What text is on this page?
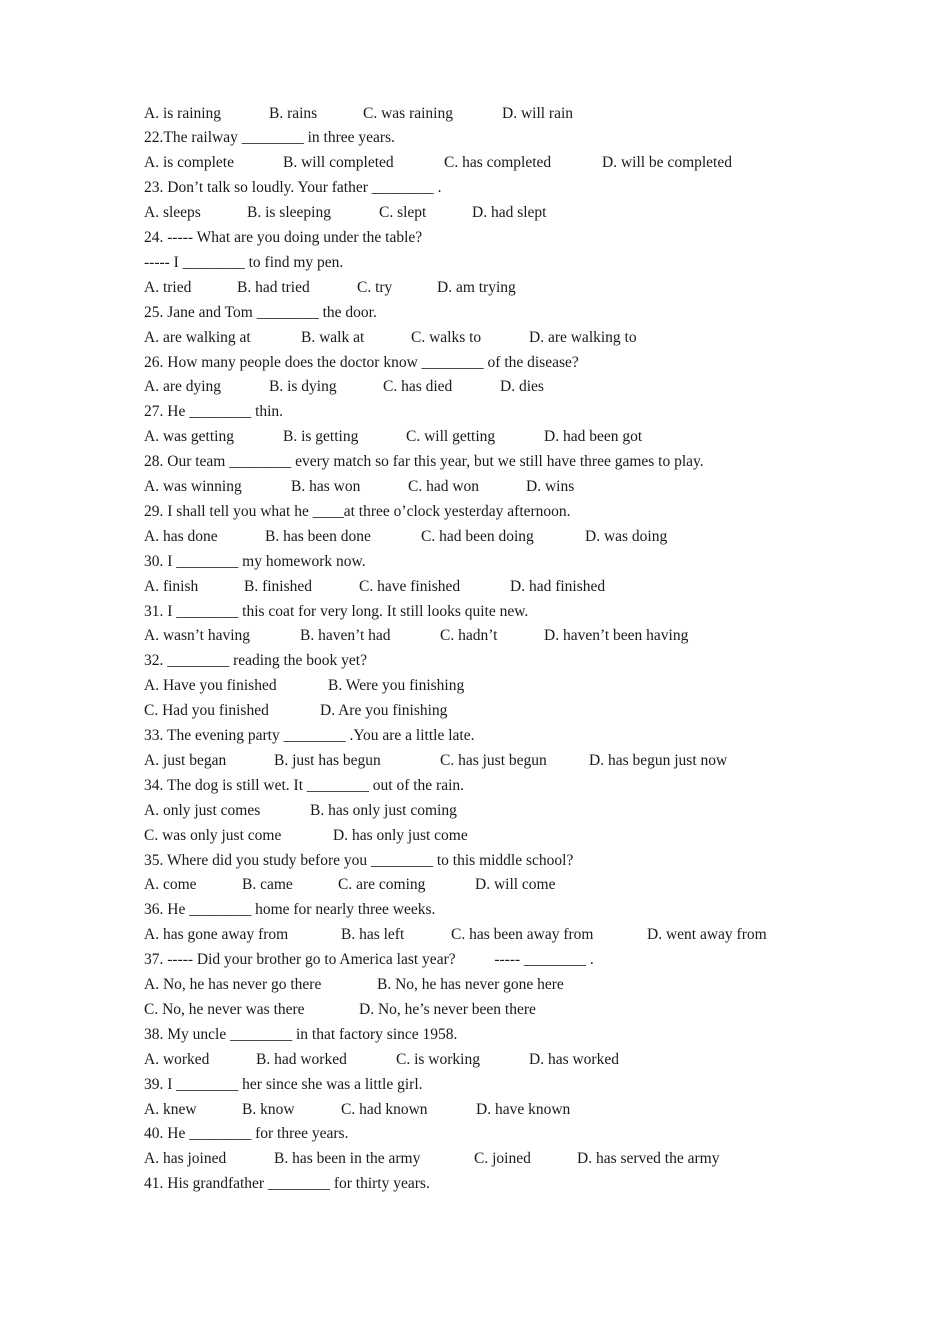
A. is raining	B. rains	C. was raining	D. will rain
22.The railway ________ in three years.
A. is complete	B. will completed	C. has completed	D. will be completed
23. Don’t talk so loudly. Your father ________ .
A. sleeps	B. is sleeping	C. slept	D. had slept
24. ----- What are you doing under the table?
----- I ________ to find my pen.
A. tried	B. had tried	C. try	D. am trying
25. Jane and Tom ________ the door.
A. are walking at	B. walk at	C. walks to	D. are walking to
26. How many people does the doctor know ________ of the disease?
A. are dying	B. is dying	C. has died	D. dies
27. He ________ thin.
A. was getting	B. is getting	C. will getting	D. had been got
28. Our team ________ every match so far this year, but we still have three games to play.
A. was winning	B. has won	C. had won	D. wins
29. I shall tell you what he ____at three o’clock yesterday afternoon.
A. has done	B. has been done	C. had been doing	D. was doing
30. I ________ my homework now.
A. finish	B. finished	C. have finished	D. had finished
31. I ________ this coat for very long. It still looks quite new.
A. wasn’t having	B. haven’t had	C. hadn’t	D. haven’t been having
32. ________ reading the book yet?
A. Have you finished	B. Were you finishing
C. Had you finished	D. Are you finishing
33. The evening party ________ .You are a little late.
A. just began	B. just has begun	C. has just begun	D. has begun just now
34. The dog is still wet. It ________ out of the rain.
A. only just comes	B. has only just coming
C. was only just come	D. has only just come
35. Where did you study before you ________ to this middle school?
A. come	B. came	C. are coming	D. will come
36. He ________ home for nearly three weeks.
A. has gone away from	B. has left	C. has been away from	D. went away from
37. ----- Did your brother go to America last year?          ----- ________ .
A. No, he has never go there	B. No, he has never gone here
C. No, he never was there	D. No, he’s never been there
38. My uncle ________ in that factory since 1958.
A. worked	B. had worked	C. is working	D. has worked
39. I ________ her since she was a little girl.
A. knew	B. know	C. had known	D. have known
40. He ________ for three years.
A. has joined	B. has been in the army	C. joined	D. has served the army
41. His grandfather ________ for thirty years.
